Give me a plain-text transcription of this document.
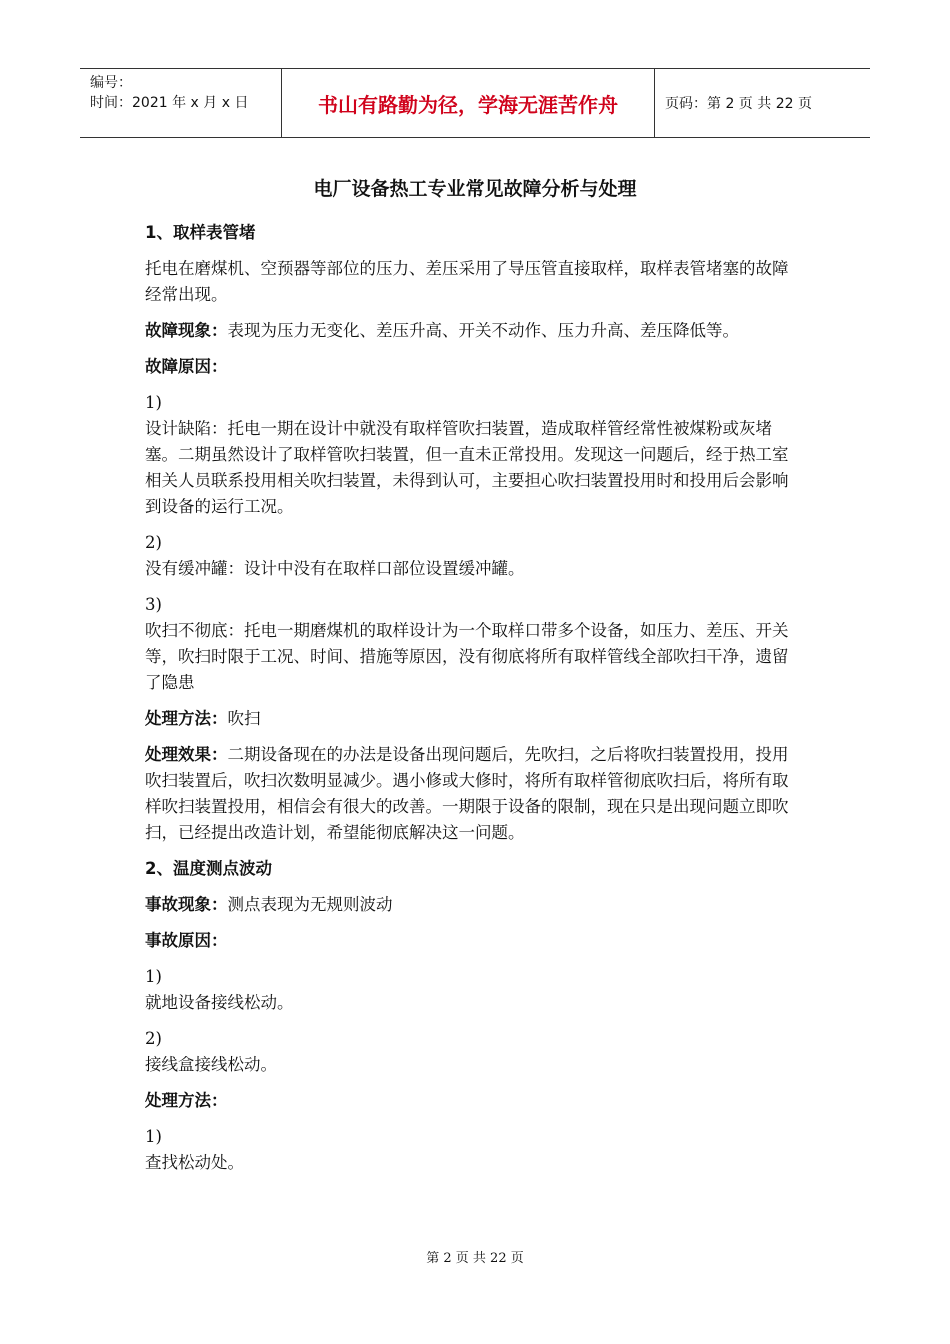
编号：
时间：2021 年 x 月 x 日	书山有路勤为径，学海无涯苦作舟	页码：第 2 页 共 22 页
电厂设备热工专业常见故障分析与处理

1、取样表管堵

托电在磨煤机、空预器等部位的压力、差压采用了导压管直接取样，取样表管堵塞的故障经常出现。

故障现象：表现为压力无变化、差压升高、开关不动作、压力升高、差压降低等。

故障原因：

1)
设计缺陷：托电一期在设计中就没有取样管吹扫装置，造成取样管经常性被煤粉或灰堵塞。二期虽然设计了取样管吹扫装置，但一直未正常投用。发现这一问题后，经于热工室相关人员联系投用相关吹扫装置，未得到认可，主要担心吹扫装置投用时和投用后会影响到设备的运行工况。

2)
没有缓冲罐：设计中没有在取样口部位设置缓冲罐。

3)
吹扫不彻底：托电一期磨煤机的取样设计为一个取样口带多个设备，如压力、差压、开关等，吹扫时限于工况、时间、措施等原因，没有彻底将所有取样管线全部吹扫干净，遗留了隐患

处理方法：吹扫

处理效果：二期设备现在的办法是设备出现问题后，先吹扫，之后将吹扫装置投用，投用吹扫装置后，吹扫次数明显减少。遇小修或大修时，将所有取样管彻底吹扫后，将所有取样吹扫装置投用，相信会有很大的改善。一期限于设备的限制，现在只是出现问题立即吹扫，已经提出改造计划，希望能彻底解决这一问题。

2、温度测点波动

事故现象：测点表现为无规则波动

事故原因：

1)
就地设备接线松动。

2)
接线盒接线松动。

处理方法：

1)
查找松动处。

第 2 页 共 22 页
